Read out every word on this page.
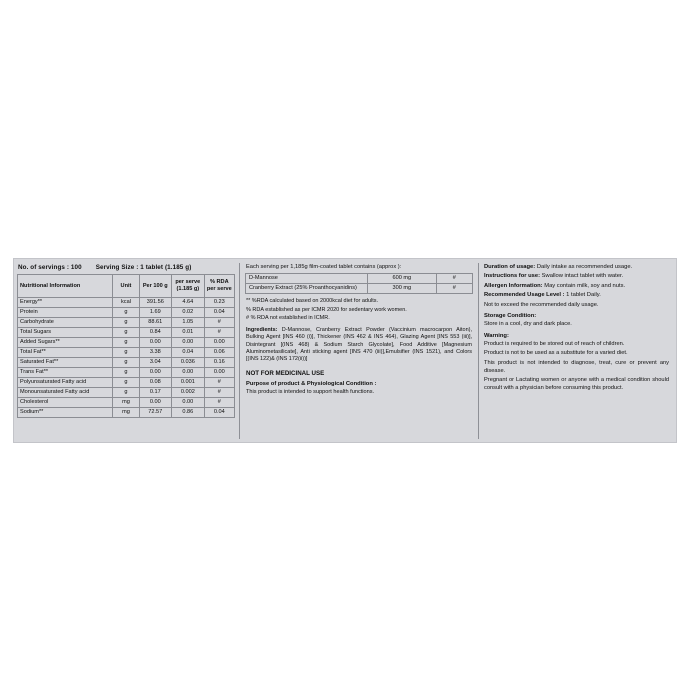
No. of servings : 100 Serving Size : 1 tablet (1.185 g)
Nutritional Information	Unit	Per 100 g	per serve (1.185 g)	% RDA per serve
Energy**	kcal	391.56	4.64	0.23
Protein	g	1.69	0.02	0.04
Carbohydrate	g	88.61	1.05	#
Total Sugars	g	0.84	0.01	#
Added Sugars**	g	0.00	0.00	0.00
Total Fat**	g	3.38	0.04	0.06
Saturated Fat**	g	3.04	0.036	0.16
Trans Fat**	g	0.00	0.00	0.00
Polyunsaturated Fatty acid	g	0.08	0.001	#
Monounsaturated Fatty acid	g	0.17	0.002	#
Cholesterol	mg	0.00	0.00	#
Sodium**	mg	72.57	0.86	0.04
Each serving per 1,185g film-coated tablet contains (approx ):
D-Mannose	600 mg	#
Cranberry Extract (25% Proanthocyanidins)	300 mg	#
** %RDA calculated based on 2000kcal diet for adults.
% RDA established as per ICMR 2020 for sedentary work women.
# % RDA not established in ICMR.
Ingredients: D-Mannose, Cranberry Extract Powder (Vaccinium macrocarpon Aiton), Bulking Agent [INS 460 (i)], Thickener (INS 462 & INS 464), Glazing Agent [INS 553 (iii)], Disintegrant [(INS 468) & Sodium Starch Glycolate], Food Additive [Magnesium Aluminometasilicate], Anti sticking agent [INS 470 (iii)],Emulsifier (INS 1521), and Colors [(INS 122)& (INS 172(ii))]
NOT FOR MEDICINAL USE
Purpose of product & Physiological Condition :
This product is intended to support health functions.
Duration of usage: Daily intake as recommended usage.
Instructions for use: Swallow intact tablet with water.
Allergen Information: May contain milk, soy and nuts.
Recommended Usage Level : 1 tablet Daily.
Not to exceed the recommended daily usage.
Storage Condition:
Store in a cool, dry and dark place.
Warning:
Product is required to be stored out of reach of children.
Product is not to be used as a substitute for a varied diet.
This product is not intended to diagnose, treat, cure or prevent any disease.
Pregnant or Lactating women or anyone with a medical condition should consult with a physician before consuming this product.
